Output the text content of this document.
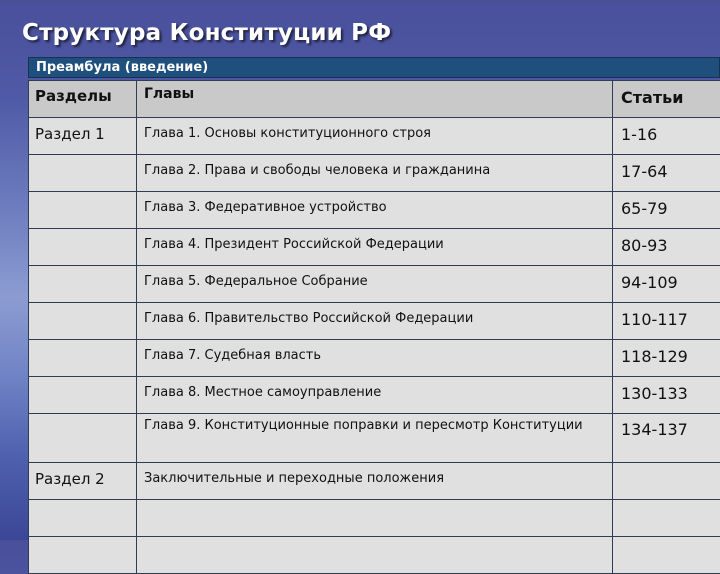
Структура Конституции РФ
Преамбула (введение)
Разделы	Главы	Статьи
Раздел 1	Глава 1. Основы конституционного строя	1-16
	Глава 2. Права и свободы человека и гражданина	17-64
	Глава 3. Федеративное устройство	65-79
	Глава 4. Президент Российской Федерации	80-93
	Глава 5. Федеральное Собрание	94-109
	Глава 6. Правительство Российской Федерации	110-117
	Глава 7. Судебная власть	118-129
	Глава 8. Местное самоуправление	130-133
	Глава 9. Конституционные поправки и пересмотр Конституции	134-137
Раздел 2	Заключительные и переходные положения	
